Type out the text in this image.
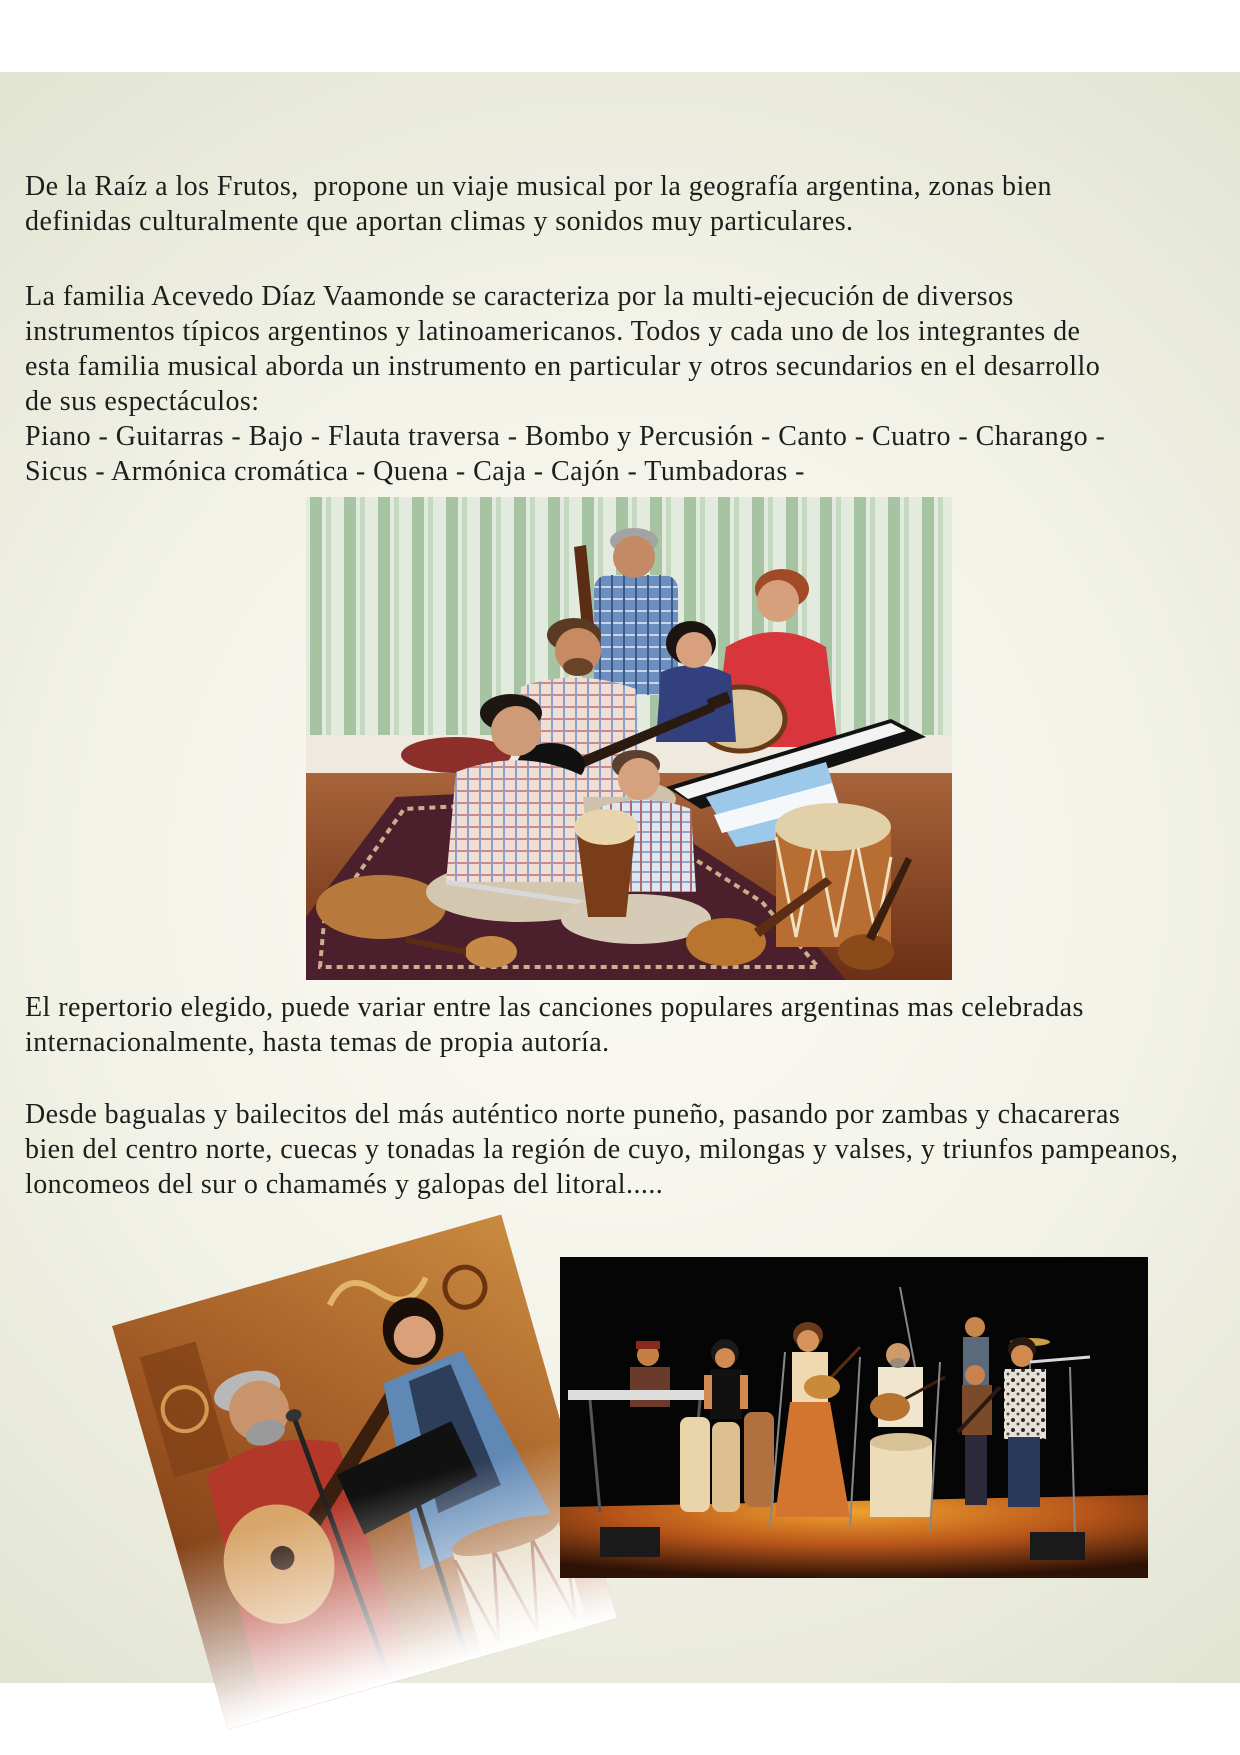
De la Raíz a los Frutos,  propone un viaje musical por la geografía argentina, zonas bien
definidas culturalmente que aportan climas y sonidos muy particulares.
La familia Acevedo Díaz Vaamonde se caracteriza por la multi-ejecución de diversos
instrumentos típicos argentinos y latinoamericanos. Todos y cada uno de los integrantes de
esta familia musical aborda un instrumento en particular y otros secundarios en el desarrollo
de sus espectáculos:
Piano - Guitarras - Bajo - Flauta traversa - Bombo y Percusión - Canto - Cuatro - Charango -
Sicus - Armónica cromática - Quena - Caja - Cajón - Tumbadoras -
El repertorio elegido, puede variar entre las canciones populares argentinas mas celebradas
internacionalmente, hasta temas de propia autoría.
Desde bagualas y bailecitos del más auténtico norte puneño, pasando por zambas y chacareras
bien del centro norte, cuecas y tonadas la región de cuyo, milongas y valses, y triunfos pampeanos,
loncomeos del sur o chamamés y galopas del litoral.....
